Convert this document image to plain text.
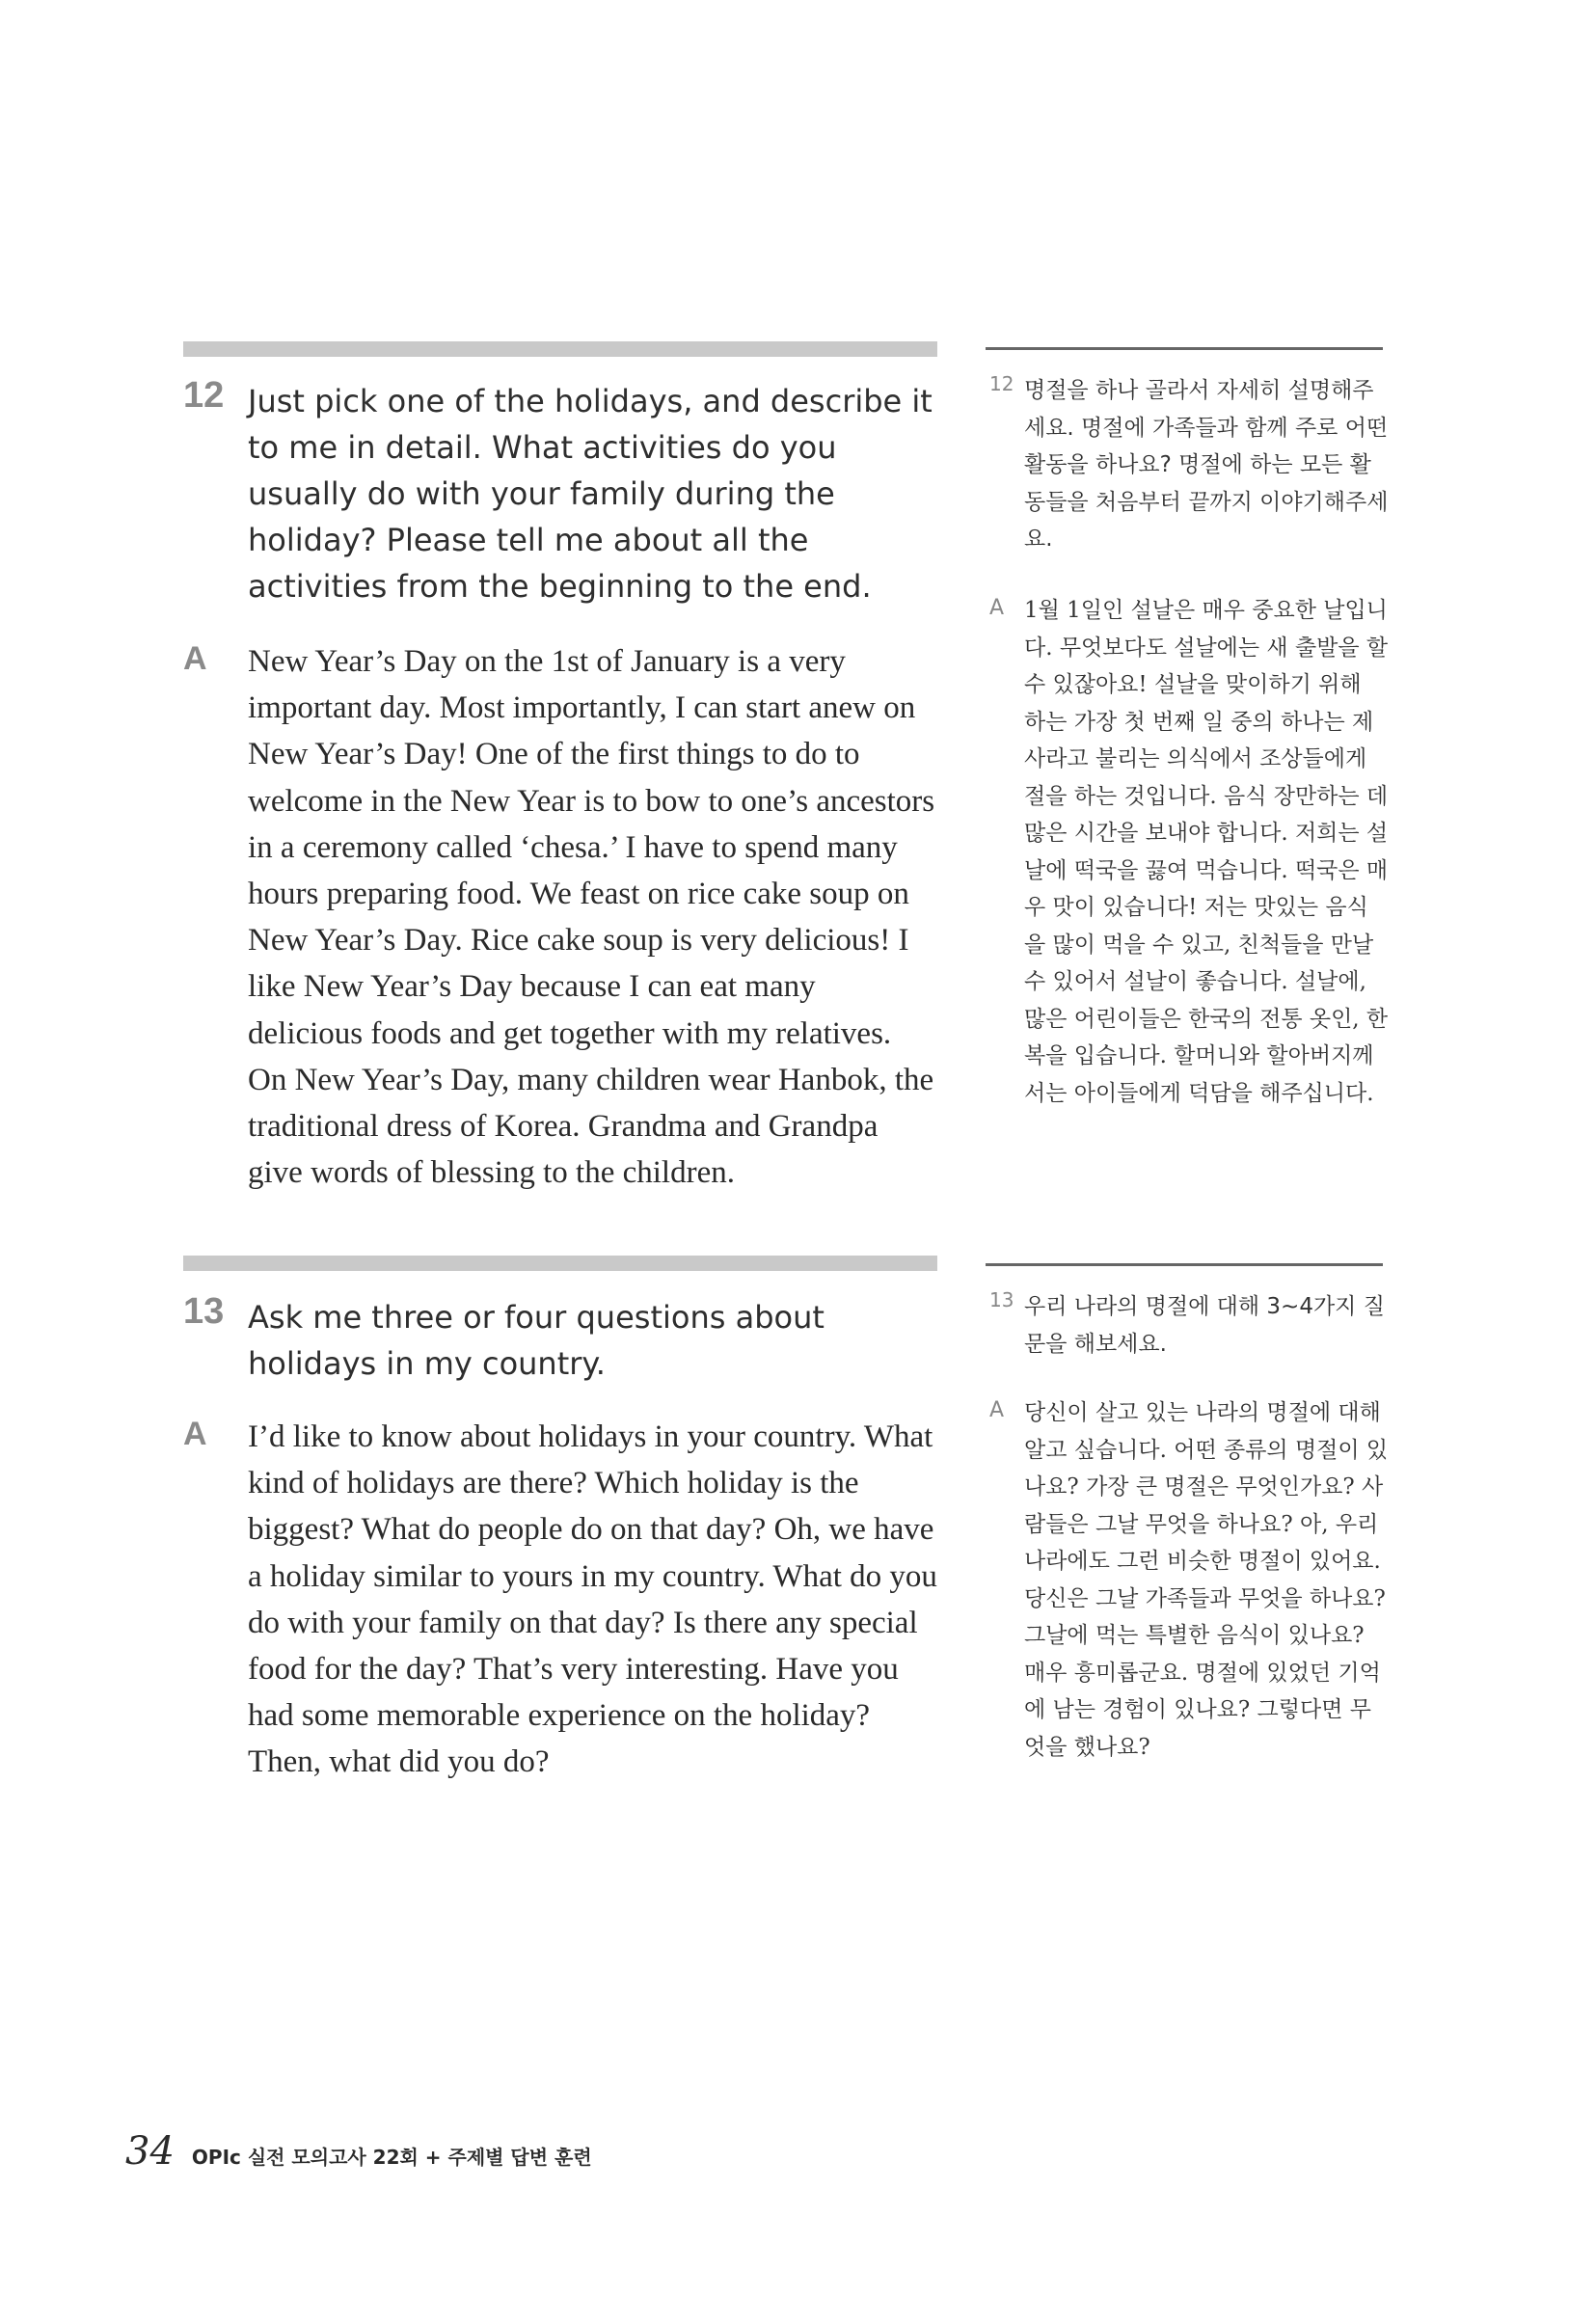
12 Just pick one of the holidays, and describe it to me in detail. What activities do you usually do with your family during the holiday? Please tell me about all the activities from the beginning to the end.
A New Year’s Day on the 1st of January is a very important day. Most importantly, I can start anew on New Year’s Day! One of the first things to do to welcome in the New Year is to bow to one’s ancestors in a ceremony called ‘chesa.’ I have to spend many hours preparing food. We feast on rice cake soup on New Year’s Day. Rice cake soup is very delicious! I like New Year’s Day because I can eat many delicious foods and get together with my relatives. On New Year’s Day, many children wear Hanbok, the traditional dress of Korea. Grandma and Grandpa give words of blessing to the children.
12 명절을 하나 골라서 자세히 설명해주세요. 명절에 가족들과 함께 주로 어떤 활동을 하나요? 명절에 하는 모든 활동들을 처음부터 끝까지 이야기해주세요.
A 1월 1일인 설날은 매우 중요한 날입니다. 무엇보다도 설날에는 새 출발을 할 수 있잖아요! 설날을 맞이하기 위해 하는 가장 첫 번째 일 중의 하나는 제사라고 불리는 의식에서 조상들에게 절을 하는 것입니다. 음식 장만하는 데 많은 시간을 보내야 합니다. 저희는 설날에 떡국을 끓여 먹습니다. 떡국은 매우 맛이 있습니다! 저는 맛있는 음식을 많이 먹을 수 있고, 친척들을 만날 수 있어서 설날이 좋습니다. 설날에, 많은 어린이들은 한국의 전통 옷인, 한복을 입습니다. 할머니와 할아버지께서는 아이들에게 덕담을 해주십니다.
13 Ask me three or four questions about holidays in my country.
A I’d like to know about holidays in your country. What kind of holidays are there? Which holiday is the biggest? What do people do on that day? Oh, we have a holiday similar to yours in my country. What do you do with your family on that day? Is there any special food for the day? That’s very interesting. Have you had some memorable experience on the holiday? Then, what did you do?
13 우리 나라의 명절에 대해 3~4가지 질문을 해보세요.
A 당신이 살고 있는 나라의 명절에 대해 알고 싶습니다. 어떤 종류의 명절이 있나요? 가장 큰 명절은 무엇인가요? 사람들은 그날 무엇을 하나요? 아, 우리나라에도 그런 비슷한 명절이 있어요. 당신은 그날 가족들과 무엇을 하나요? 그날에 먹는 특별한 음식이 있나요? 매우 흥미롭군요. 명절에 있었던 기억에 남는 경험이 있나요? 그렇다면 무엇을 했나요?
34 OPIc 실전 모의고사 22회 + 주제별 답변 훈련
